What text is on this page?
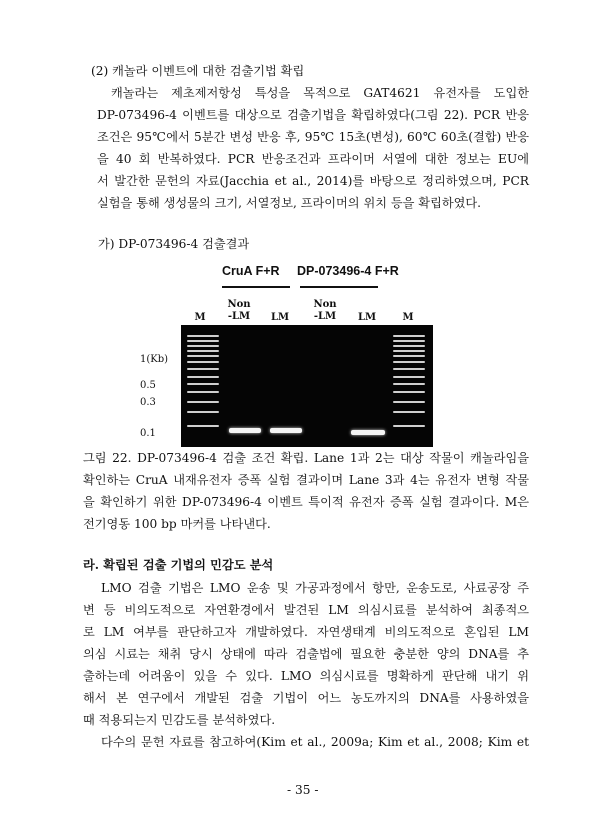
(2) 캐놀라 이벤트에 대한 검출기법 확립
캐놀라는 제초제저항성 특성을 목적으로 GAT4621 유전자를 도입한
DP-073496-4 이벤트를 대상으로 검출기법을 확립하였다(그림 22). PCR 반응
조건은 95℃에서 5분간 변성 반응 후, 95℃ 15초(변성), 60℃ 60초(결합) 반응
을 40 회 반복하였다. PCR 반응조건과 프라이머 서열에 대한 정보는 EU에
서 발간한 문헌의 자료(Jacchia et al., 2014)를 바탕으로 정리하였으며, PCR
실험을 통해 생성물의 크기, 서열정보, 프라이머의 위치 등을 확립하였다.
가) DP-073496-4 검출결과
CruA F+R DP-073496-4 F+R
M
Non
-LM	LM
Non
-LM	LM	M
1(Kb)
0.5
0.3
0.1
그림 22. DP-073496-4 검출 조건 확립. Lane 1과 2는 대상 작물이 캐놀라임을
확인하는 CruA 내재유전자 증폭 실험 결과이며 Lane 3과 4는 유전자 변형 작물
을 확인하기 위한 DP-073496-4 이벤트 특이적 유전자 증폭 실험 결과이다. M은
전기영동 100 bp 마커를 나타낸다.
라. 확립된 검출 기법의 민감도 분석
LMO 검출 기법은 LMO 운송 및 가공과정에서 항만, 운송도로, 사료공장 주
변 등 비의도적으로 자연환경에서 발견된 LM 의심시료를 분석하여 최종적으
로 LM 여부를 판단하고자 개발하였다. 자연생태계 비의도적으로 혼입된 LM
의심 시료는 채취 당시 상태에 따라 검출법에 필요한 충분한 양의 DNA를 추
출하는데 어려움이 있을 수 있다. LMO 의심시료를 명확하게 판단해 내기 위
해서 본 연구에서 개발된 검출 기법이 어느 농도까지의 DNA를 사용하였을
때 적용되는지 민감도를 분석하였다.
다수의 문헌 자료를 참고하여(Kim et al., 2009a; Kim et al., 2008; Kim et
- 35 -
